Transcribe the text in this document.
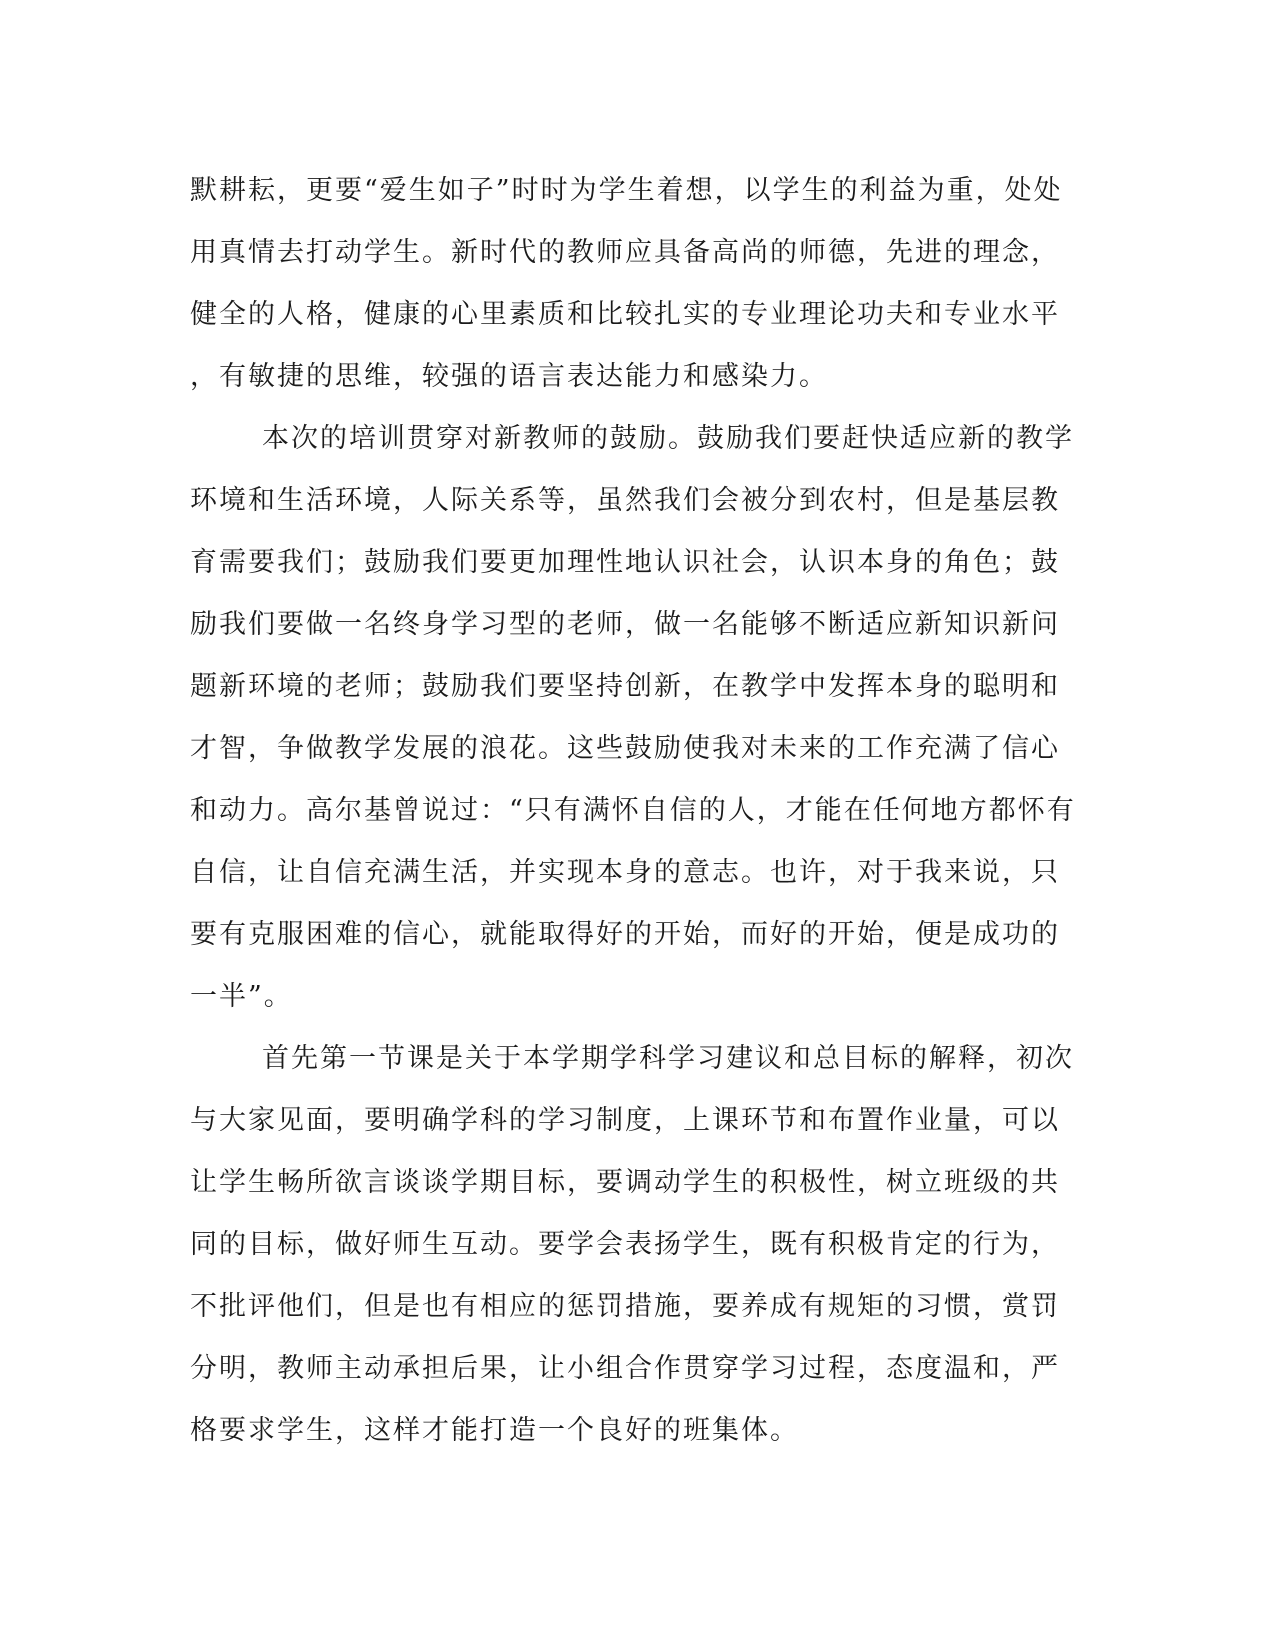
默耕耘，更要“爱生如子”时时为学生着想，以学生的利益为重，处处
用真情去打动学生。新时代的教师应具备高尚的师德，先进的理念，
健全的人格，健康的心里素质和比较扎实的专业理论功夫和专业水平
，有敏捷的思维，较强的语言表达能力和感染力。
本次的培训贯穿对新教师的鼓励。鼓励我们要赶快适应新的教学
环境和生活环境，人际关系等，虽然我们会被分到农村，但是基层教
育需要我们；鼓励我们要更加理性地认识社会，认识本身的角色；鼓
励我们要做一名终身学习型的老师，做一名能够不断适应新知识新问
题新环境的老师；鼓励我们要坚持创新，在教学中发挥本身的聪明和
才智，争做教学发展的浪花。这些鼓励使我对未来的工作充满了信心
和动力。高尔基曾说过：“只有满怀自信的人，才能在任何地方都怀有
自信，让自信充满生活，并实现本身的意志。也许，对于我来说，只
要有克服困难的信心，就能取得好的开始，而好的开始，便是成功的
一半”。
首先第一节课是关于本学期学科学习建议和总目标的解释，初次
与大家见面，要明确学科的学习制度，上课环节和布置作业量，可以
让学生畅所欲言谈谈学期目标，要调动学生的积极性，树立班级的共
同的目标，做好师生互动。要学会表扬学生，既有积极肯定的行为，
不批评他们，但是也有相应的惩罚措施，要养成有规矩的习惯，赏罚
分明，教师主动承担后果，让小组合作贯穿学习过程，态度温和，严
格要求学生，这样才能打造一个良好的班集体。
